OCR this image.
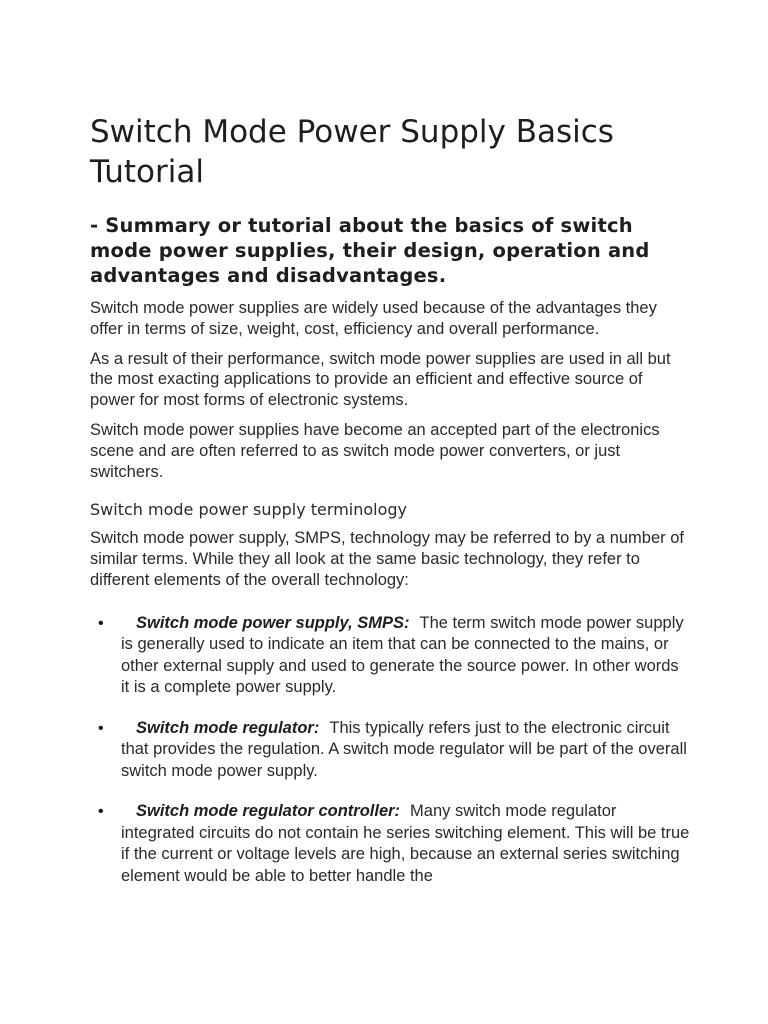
Switch Mode Power Supply Basics Tutorial
- Summary or tutorial about the basics of switch mode power supplies, their design, operation and advantages and disadvantages.

Switch mode power supplies are widely used because of the advantages they offer in terms of size, weight, cost, efficiency and overall performance.

As a result of their performance, switch mode power supplies are used in all but the most exacting applications to provide an efficient and effective source of power for most forms of electronic systems.

Switch mode power supplies have become an accepted part of the electronics scene and are often referred to as switch mode power converters, or just switchers.

Switch mode power supply terminology

Switch mode power supply, SMPS, technology may be referred to by a number of similar terms. While they all look at the same basic technology, they refer to different elements of the overall technology:

• Switch mode power supply, SMPS: The term switch mode power supply is generally used to indicate an item that can be connected to the mains, or other external supply and used to generate the source power. In other words it is a complete power supply.
• Switch mode regulator: This typically refers just to the electronic circuit that provides the regulation. A switch mode regulator will be part of the overall switch mode power supply.
• Switch mode regulator controller: Many switch mode regulator integrated circuits do not contain he series switching element. This will be true if the current or voltage levels are high, because an external series switching element would be able to better handle the
